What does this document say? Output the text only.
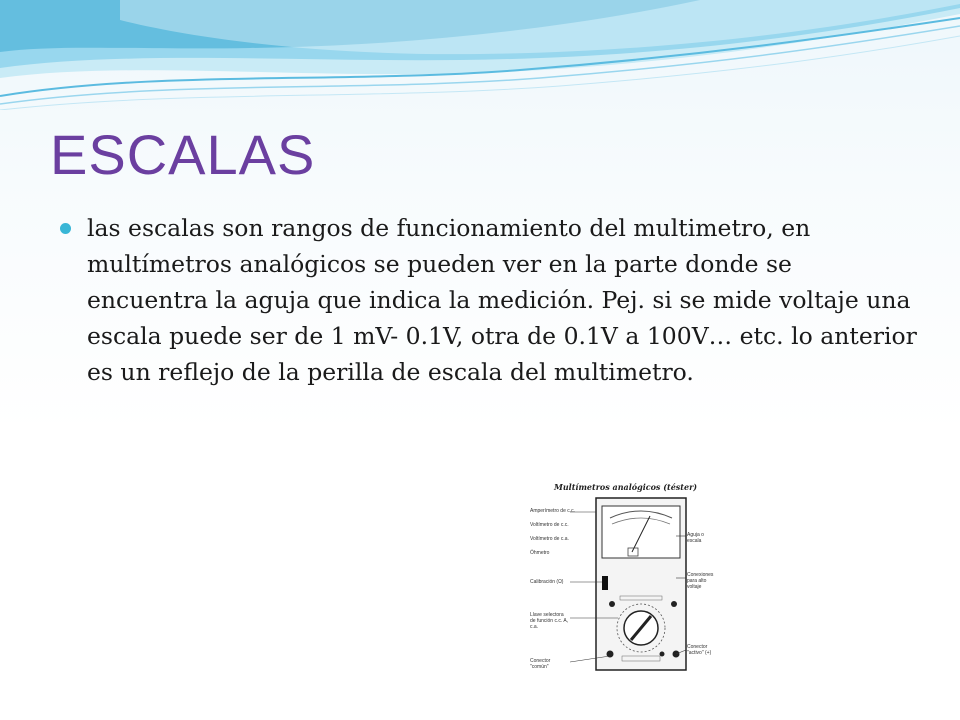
ESCALAS
las escalas son rangos de funcionamiento del multimetro, en multímetros analógicos se pueden ver en la parte donde se encuentra la aguja que indica la medición. Pej. si se mide voltaje una escala puede ser de 1 mV- 0.1V, otra de 0.1V a 100V… etc. lo anterior es un reflejo de la perilla de escala del multimetro.
Multímetros analógicos (téster)
Amperímetro de c.c.
Voltímetro de c.c.
Voltímetro de c.a.
Óhmetro
Calibración (Ω)
Llave selectora de función c.c. A, c.a.
Conector "común"
Aguja o escala
Conexiones para alto voltaje
Conector "activo" (+)
